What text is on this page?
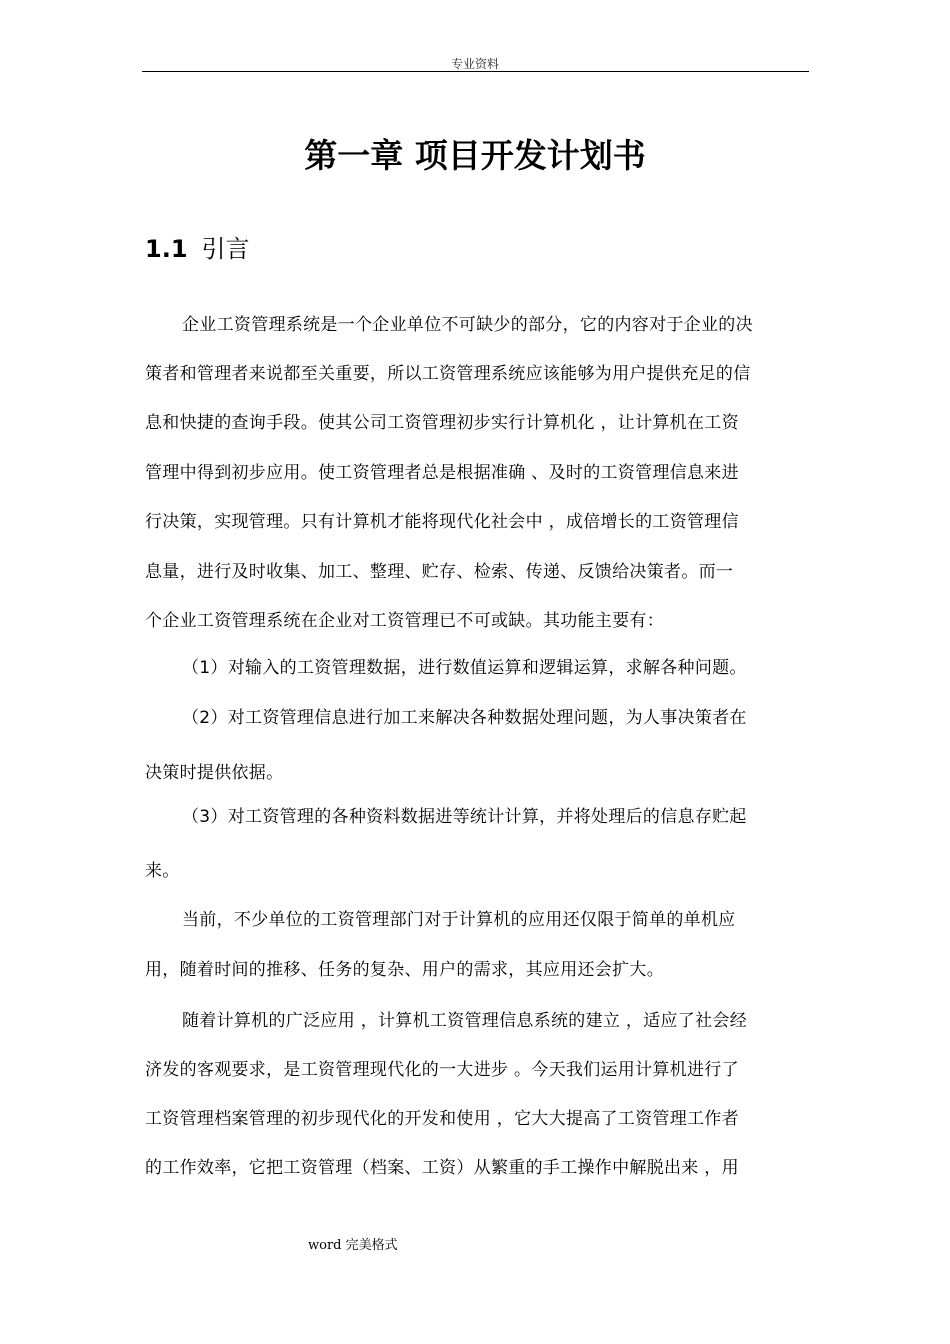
专业资料
第一章 项目开发计划书
1.1 引言
企业工资管理系统是一个企业单位不可缺少的部分，它的内容对于企业的决
策者和管理者来说都至关重要，所以工资管理系统应该能够为用户提供充足的信
息和快捷的查询手段。使其公司工资管理初步实行计算机化 ，让计算机在工资
管理中得到初步应用。使工资管理者总是根据准确 、及时的工资管理信息来进
行决策，实现管理。只有计算机才能将现代化社会中 ，成倍增长的工资管理信
息量，进行及时收集、加工、整理、贮存、检索、传递、反馈给决策者。而一
个企业工资管理系统在企业对工资管理已不可或缺。其功能主要有：
（1）对输入的工资管理数据，进行数值运算和逻辑运算，求解各种问题。
（2）对工资管理信息进行加工来解决各种数据处理问题，为人事决策者在
决策时提供依据。
（3）对工资管理的各种资料数据进等统计计算，并将处理后的信息存贮起
来。
当前，不少单位的工资管理部门对于计算机的应用还仅限于简单的单机应
用，随着时间的推移、任务的复杂、用户的需求，其应用还会扩大。
随着计算机的广泛应用 ，计算机工资管理信息系统的建立 ，适应了社会经
济发的客观要求，是工资管理现代化的一大进步 。今天我们运用计算机进行了
工资管理档案管理的初步现代化的开发和使用 ，它大大提高了工资管理工作者
的工作效率，它把工资管理（档案、工资）从繁重的手工操作中解脱出来 ，用
word 完美格式
